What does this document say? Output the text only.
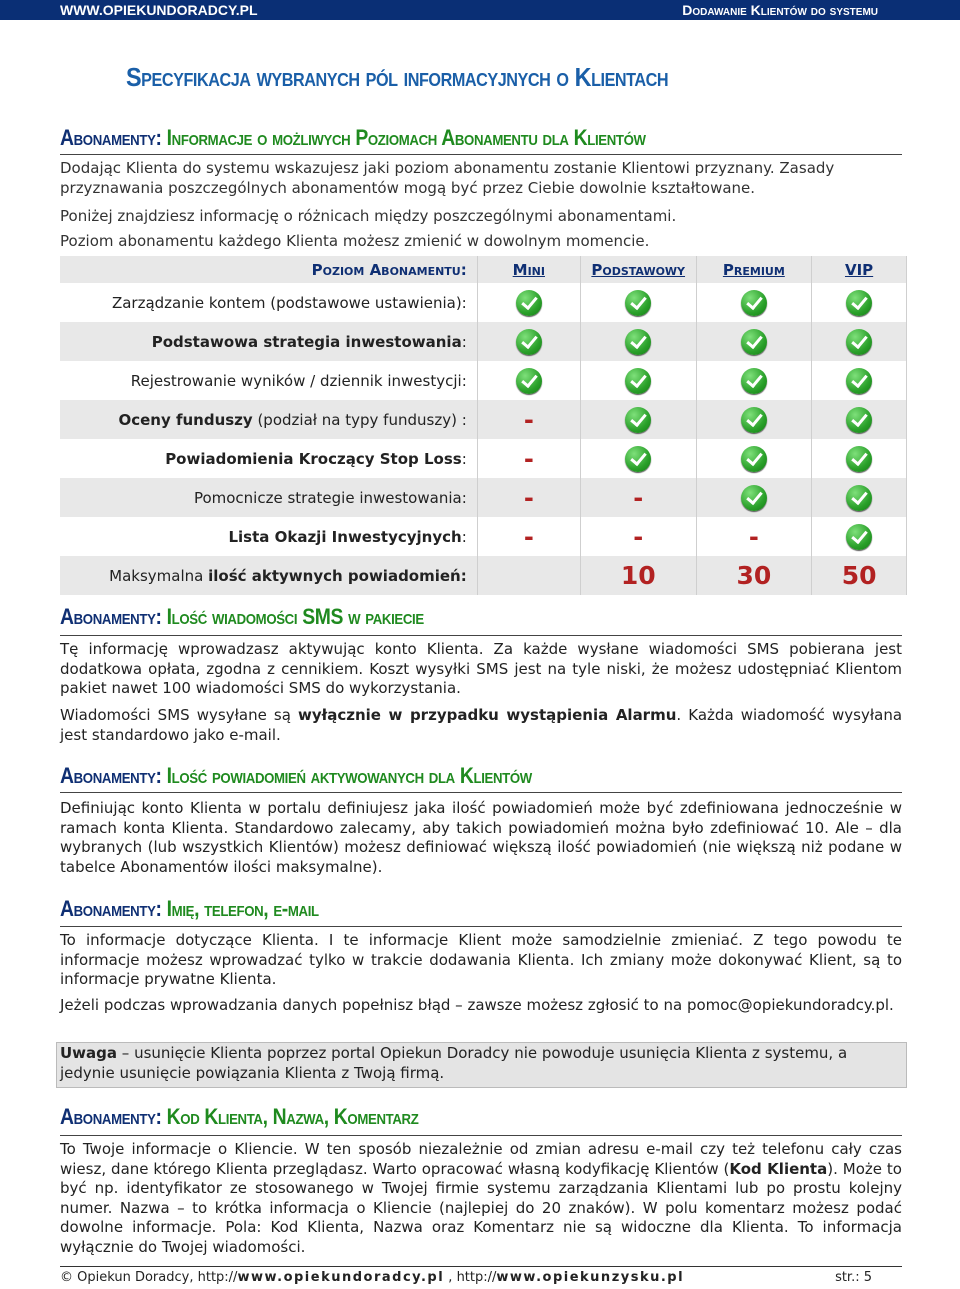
WWW.OPIEKUNDORADCY.PL	Dodawanie Klientów do systemu
Specyfikacja wybranych pól informacyjnych o Klientach
Abonamenty: Informacje o możliwych Poziomach Abonamentu dla Klientów
Dodając Klienta do systemu wskazujesz jaki poziom abonamentu zostanie Klientowi przyznany. Zasady przyznawania poszczególnych abonamentów mogą być przez Ciebie dowolnie kształtowane.
Poniżej znajdziesz informację o różnicach między poszczególnymi abonamentami.
Poziom abonamentu każdego Klienta możesz zmienić w dowolnym momencie.
Poziom Abonamentu:	Mini	Podstawowy	Premium	VIP
Zarządzanie kontem (podstawowe ustawienia):				
Podstawowa strategia inwestowania:				
Rejestrowanie wyników / dziennik inwestycji:				
Oceny funduszy (podział na typy funduszy) :	-			
Powiadomienia Kroczący Stop Loss:	-			
Pomocnicze strategie inwestowania:	-	-		
Lista Okazji Inwestycyjnych:	-	-	-	
Maksymalna ilość aktywnych powiadomień:		10	30	50
Abonamenty: Ilość wiadomości SMS w pakiecie
Tę informację wprowadzasz aktywując konto Klienta. Za każde wysłane wiadomości SMS pobierana jest dodatkowa opłata, zgodna z cennikiem. Koszt wysyłki SMS jest na tyle niski, że możesz udostępniać Klientom pakiet nawet 100 wiadomości SMS do wykorzystania.
Wiadomości SMS wysyłane są wyłącznie w przypadku wystąpienia Alarmu. Każda wiadomość wysyłana jest standardowo jako e-mail.
Abonamenty: Ilość powiadomień aktywowanych dla Klientów
Definiując konto Klienta w portalu definiujesz jaka ilość powiadomień może być zdefiniowana jednocześnie w ramach konta Klienta. Standardowo zalecamy, aby takich powiadomień można było zdefiniować 10. Ale – dla wybranych (lub wszystkich Klientów) możesz definiować większą ilość powiadomień (nie większą niż podane w tabelce Abonamentów ilości maksymalne).
Abonamenty: Imię, telefon, e-mail
To informacje dotyczące Klienta. I te informacje Klient może samodzielnie zmieniać. Z tego powodu te informacje możesz wprowadzać tylko w trakcie dodawania Klienta. Ich zmiany może dokonywać Klient, są to informacje prywatne Klienta.
Jeżeli podczas wprowadzania danych popełnisz błąd – zawsze możesz zgłosić to na pomoc@opiekundoradcy.pl.
Uwaga – usunięcie Klienta poprzez portal Opiekun Doradcy nie powoduje usunięcia Klienta z systemu, a jedynie usunięcie powiązania Klienta z Twoją firmą.
Abonamenty: Kod Klienta, Nazwa, Komentarz
To Twoje informacje o Kliencie. W ten sposób niezależnie od zmian adresu e-mail czy też telefonu cały czas wiesz, dane którego Klienta przeglądasz. Warto opracować własną kodyfikację Klientów (Kod Klienta). Może to być np. identyfikator ze stosowanego w Twojej firmie systemu zarządzania Klientami lub po prostu kolejny numer. Nazwa – to krótka informacja o Kliencie (najlepiej do 20 znaków). W polu komentarz możesz podać dowolne informacje. Pola: Kod Klienta, Nazwa oraz Komentarz nie są widoczne dla Klienta. To informacja wyłącznie do Twojej wiadomości.
© Opiekun Doradcy, http://www.opiekundoradcy.pl , http://www.opiekunzysku.pl	str.: 5
